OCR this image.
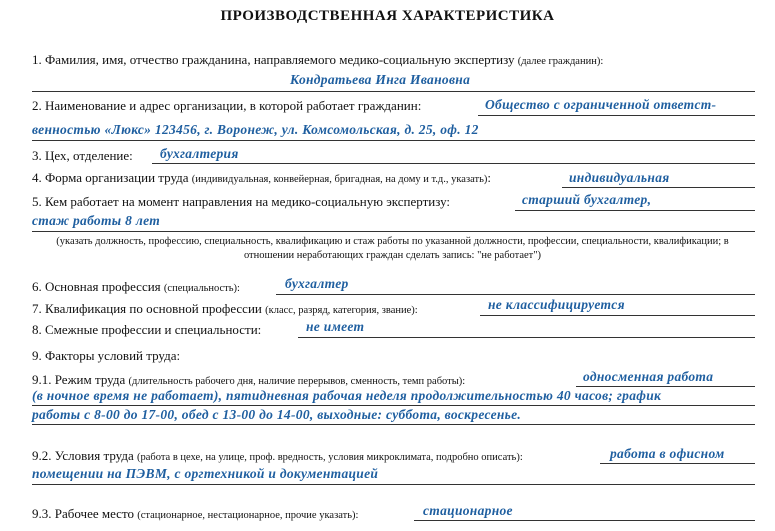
ПРОИЗВОДСТВЕННАЯ ХАРАКТЕРИСТИКА
1. Фамилия, имя, отчество гражданина, направляемого медико-социальную экспертизу (далее гражданин):
Кондратьева Инга Ивановна
2. Наименование и адрес организации, в которой работает гражданин:	Общество с ограниченной ответст-
венностью «Люкс» 123456, г. Воронеж, ул. Комсомольская, д. 25, оф. 12
3. Цех, отделение: бухгалтерия
4. Форма организации труда (индивидуальная, конвейерная, бригадная, на дому и т.д., указать):	индивидуальная
5. Кем работает на момент направления на медико-социальную экспертизу:	старший бухгалтер,
стаж работы 8 лет
(указать должность, профессию, специальность, квалификацию и стаж работы по указанной должности, профессии, специальности, квалификации; в отношении неработающих граждан сделать запись: "не работает")
6. Основная профессия (специальность):	бухгалтер
7. Квалификация по основной профессии (класс, разряд, категория, звание):	не классифицируется
8. Смежные профессии и специальности:	не имеет
9. Факторы условий труда:
9.1. Режим труда (длительность рабочего дня, наличие перерывов, сменность, темп работы):	односменная работа
(в ночное время не работает), пятидневная рабочая неделя продолжительностью 40 часов; график
работы с 8-00 до 17-00, обед с 13-00 до 14-00, выходные: суббота, воскресенье.
9.2. Условия труда (работа в цехе, на улице, проф. вредность, условия микроклимата, подробно описать):	работа в офисном
помещении на ПЭВМ, с оргтехникой и документацией
9.3. Рабочее место (стационарное, нестационарное, прочие указать):	стационарное
